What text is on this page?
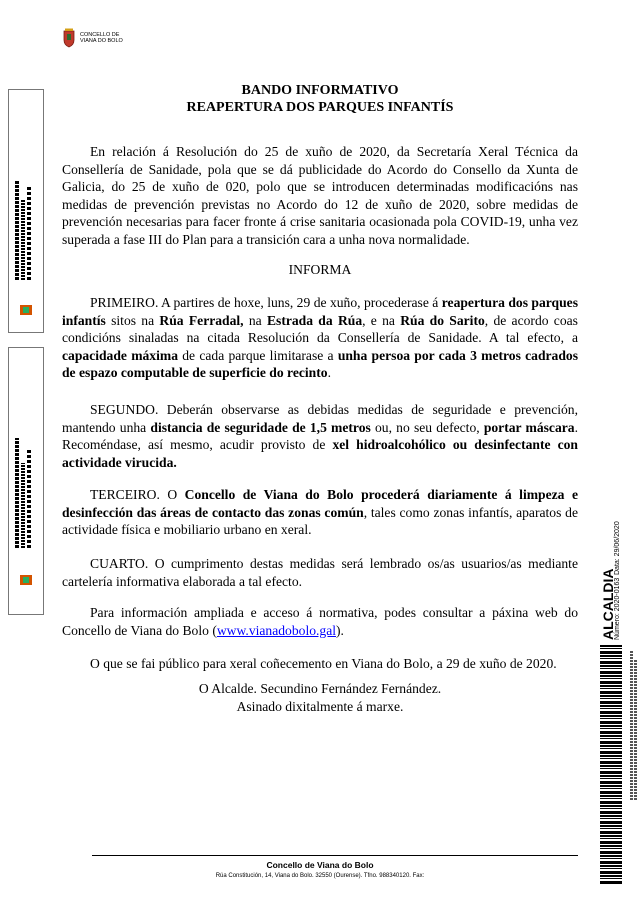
CONCELLO DE
VIANA DO BOLO
BANDO INFORMATIVO
REAPERTURA DOS PARQUES INFANTÍS
En relación á Resolución do 25 de xuño de 2020, da Secretaría Xeral Técnica da Consellería de Sanidade, pola que se dá publicidade do Acordo do Consello da Xunta de Galicia, do 25 de xuño de 020, polo que se introducen determinadas modificacións nas medidas de prevención previstas no Acordo do 12 de xuño de 2020, sobre medidas de prevención necesarias para facer fronte á crise sanitaria ocasionada pola COVID-19, unha vez superada a fase III do Plan para a transición cara a unha nova normalidade.
INFORMA
PRIMEIRO. A partires de hoxe, luns, 29 de xuño, procederase á reapertura dos parques infantís sitos na Rúa Ferradal, na Estrada da Rúa, e na Rúa do Sarito, de acordo coas condicións sinaladas na citada Resolución da Consellería de Sanidade. A tal efecto, a capacidade máxima de cada parque limitarase a unha persoa por cada 3 metros cadrados de espazo computable de superficie do recinto.
SEGUNDO. Deberán observarse as debidas medidas de seguridade e prevención, mantendo unha distancia de seguridade de 1,5 metros ou, no seu defecto, portar máscara. Recoméndase, así mesmo, acudir provisto de xel hidroalcohólico ou desinfectante con actividade virucida.
TERCEIRO. O Concello de Viana do Bolo procederá diariamente á limpeza e desinfección das áreas de contacto das zonas común, tales como zonas infantís, aparatos de actividade física e mobiliario urbano en xeral.
CUARTO. O cumprimento destas medidas será lembrado os/as usuarios/as mediante cartelería informativa elaborada a tal efecto.
Para información ampliada e acceso á normativa, podes consultar a páxina web do Concello de Viana do Bolo (www.vianadobolo.gal).
O que se fai público para xeral coñecemento en Viana do Bolo, a 29 de xuño de 2020.
O Alcalde. Secundino Fernández Fernández.
Asinado dixitalmente á marxe.
Concello de Viana do Bolo
Rúa Constitución, 14, Viana do Bolo. 32550 (Ourense). Tfno. 988340120. Fax:
ALCALDIA
Número: 2020-0163
Data: 29/06/2020
